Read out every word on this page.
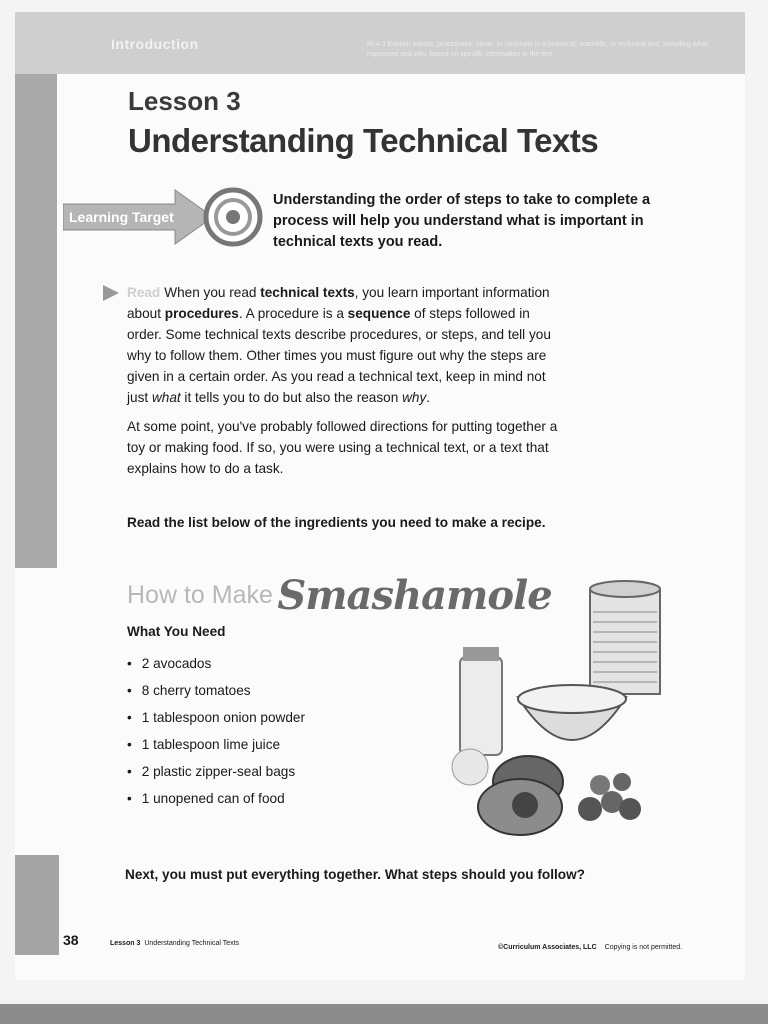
Introduction	RI.4.3 Explain events, procedures, ideas, or concepts in a historical, scientific, or technical text, including what happened and why, based on specific information in the text.
Lesson 3
Understanding Technical Texts
Learning Target
Understanding the order of steps to take to complete a process will help you understand what is important in technical texts you read.

Read When you read technical texts, you learn important information about procedures. A procedure is a sequence of steps followed in order. Some technical texts describe procedures, or steps, and tell you why to follow them. Other times you must figure out why the steps are given in a certain order. As you read a technical text, keep in mind not just what it tells you to do but also the reason why.

At some point, you've probably followed directions for putting together a toy or making food. If so, you were using a technical text, or a text that explains how to do a task.

Read the list below of the ingredients you need to make a recipe.
How to Make Smashamole
What You Need
• 2 avocados
• 8 cherry tomatoes
• 1 tablespoon onion powder
• 1 tablespoon lime juice
• 2 plastic zipper-seal bags
• 1 unopened can of food
Next, you must put everything together. What steps should you follow?
38	Lesson 3 Understanding Technical Texts
©Curriculum Associates, LLC Copying is not permitted.
